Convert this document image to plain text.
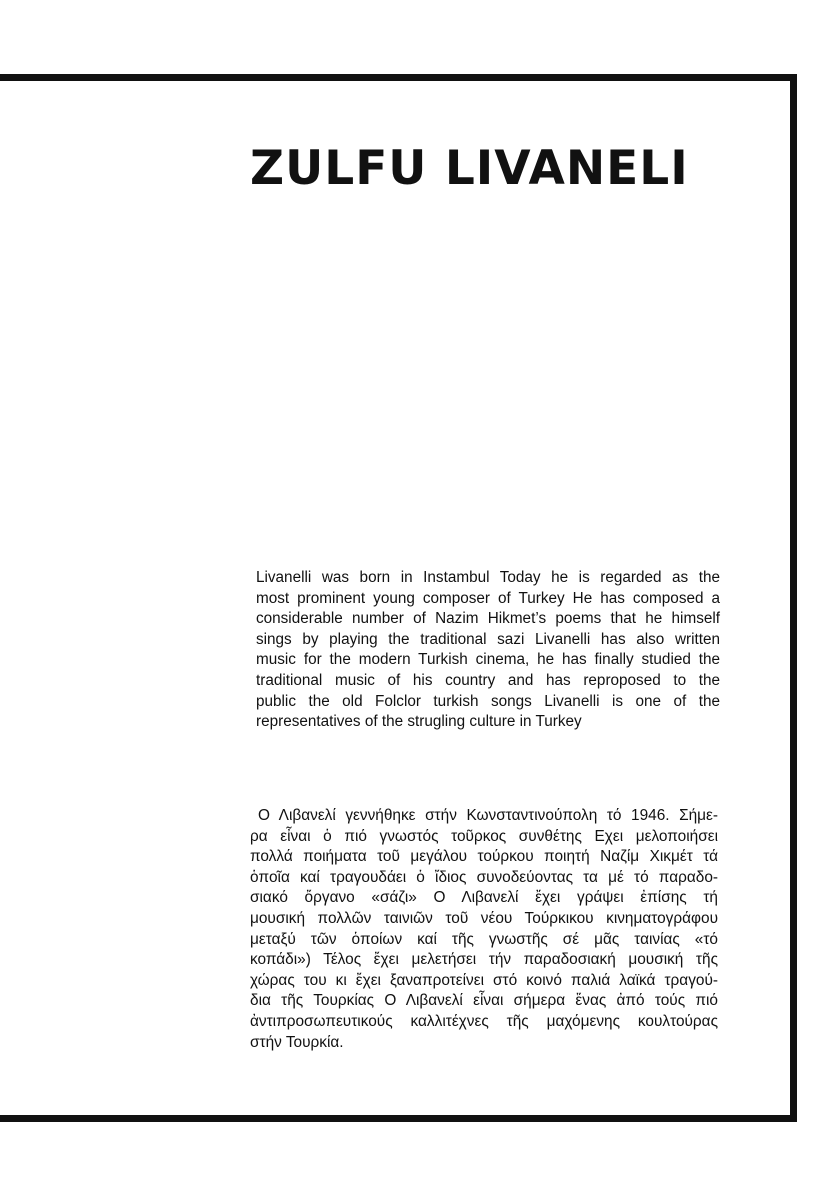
ZULFU LIVANELI
Livanelli was born in Instambul Today he is regarded as the
most prominent young composer of Turkey He has composed a
considerable number of Nazim Hikmet’s poems that he himself
sings by playing the traditional sazi Livanelli has also written
music for the modern Turkish cinema, he has finally studied the
traditional music of his country and has reproposed to the
public the old Folclor turkish songs Livanelli is one of the
representatives of the strugling culture in Turkey
Ο Λιβανελί γεννήθηκε στήν Κωνσταντινούπολη τό 1946. Σήμε-
ρα εἶναι ὁ πιό γνωστός τοῦρκος συνθέτης Εχει μελοποιήσει
πολλά ποιήματα τοῦ μεγάλου τούρκου ποιητή Ναζίμ Χικμέτ τά
ὁποῖα καί τραγουδάει ὁ ἴδιος συνοδεύοντας τα μέ τό παραδο-
σιακό ὄργανο «σάζι» Ο Λιβανελί ἔχει γράψει ἐπίσης τή
μουσική πολλῶν ταινιῶν τοῦ νέου Τούρκικου κινηματογράφου
μεταξύ τῶν ὁποίων καί τῆς γνωστῆς σέ μᾶς ταινίας «τό
κοπάδι») Τέλος ἔχει μελετήσει τήν παραδοσιακή μουσική τῆς
χώρας του κι ἔχει ξαναπροτείνει στό κοινό παλιά λαϊκά τραγού-
δια τῆς Τουρκίας Ο Λιβανελί εἶναι σήμερα ἕνας ἀπό τούς πιό
ἀντιπροσωπευτικούς καλλιτέχνες τῆς μαχόμενης κουλτούρας
στήν Τουρκία.
